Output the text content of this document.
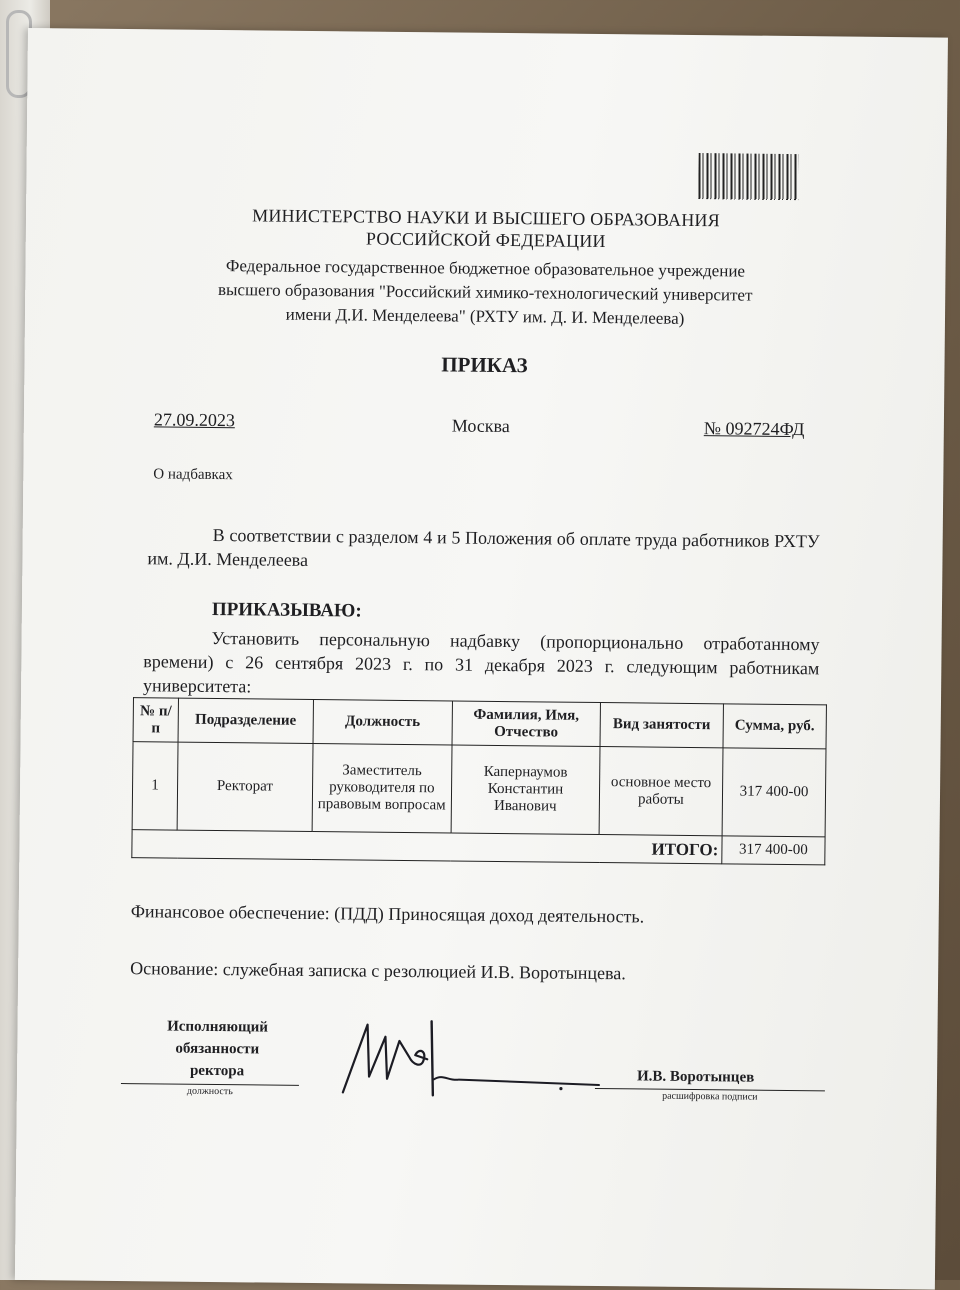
МИНИСТЕРСТВО НАУКИ И ВЫСШЕГО ОБРАЗОВАНИЯ
РОССИЙСКОЙ ФЕДЕРАЦИИ
Федеральное государственное бюджетное образовательное учреждение
высшего образования "Российский химико-технологический университет
имени Д.И. Менделеева" (РХТУ им. Д. И. Менделеева)
ПРИКАЗ
27.09.2023	Москва	№ 092724ФД
О надбавках
В соответствии с разделом 4 и 5 Положения об оплате труда работников РХТУ им. Д.И. Менделеева
ПРИКАЗЫВАЮ:
Установить персональную надбавку (пропорционально отработанному времени) с 26 сентября 2023 г. по 31 декабря 2023 г. следующим работникам университета:
№ п/п	Подразделение	Должность	Фамилия, Имя, Отчество	Вид занятости	Сумма, руб.
1	Ректорат	Заместитель руководителя по правовым вопросам	Капернаумов Константин Иванович	основное место работы	317 400-00
ИТОГО:					317 400-00
Финансовое обеспечение: (ПДД) Приносящая доход деятельность.
Основание: служебная записка с резолюцией И.В. Воротынцева.
Исполняющий
обязанности
ректора
должность
И.В. Воротынцев
расшифровка подписи
